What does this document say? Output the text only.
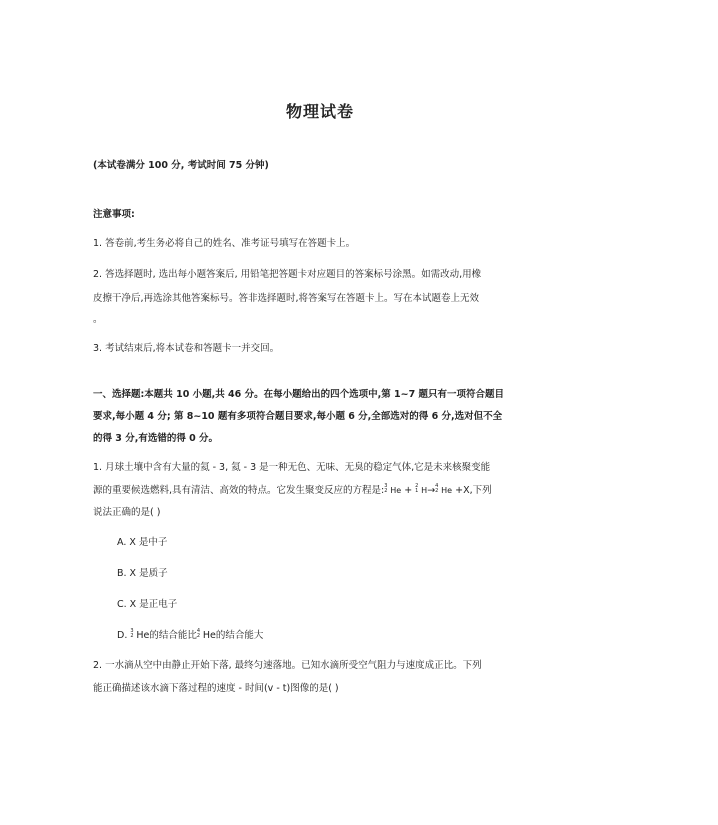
物理试卷
(本试卷满分 100 分, 考试时间 75 分钟)
注意事项:
1. 答卷前,考生务必将自己的姓名、准考证号填写在答题卡上。
2. 答选择题时, 选出每小题答案后, 用铅笔把答题卡对应题目的答案标号涂黑。如需改动,用橡
皮擦干净后,再选涂其他答案标号。答非选择题时,将答案写在答题卡上。写在本试题卷上无效
。
3. 考试结束后,将本试卷和答题卡一并交回。
一、选择题:本题共 10 小题,共 46 分。在每小题给出的四个选项中,第 1~7 题只有一项符合题目
要求,每小题 4 分; 第 8~10 题有多项符合题目要求,每小题 6 分,全部选对的得 6 分,选对但不全
的得 3 分,有选错的得 0 分。
1. 月球土壤中含有大量的氦 - 3, 氦 - 3 是一种无色、无味、无臭的稳定气体,它是未来核聚变能
源的重要候选燃料,具有清洁、高效的特点。它发生聚变反应的方程是: 3
2 He + 2
1 H→ 4
2 He +X,下列
说法正确的是( )
A. X 是中子
B. X 是质子
C. X 是正电子
D. 3
2 He的结合能比 4
2 He的结合能大
2. 一水滴从空中由静止开始下落, 最终匀速落地。已知水滴所受空气阻力与速度成正比。下列
能正确描述该水滴下落过程的速度 - 时间(v - t)图像的是( )
